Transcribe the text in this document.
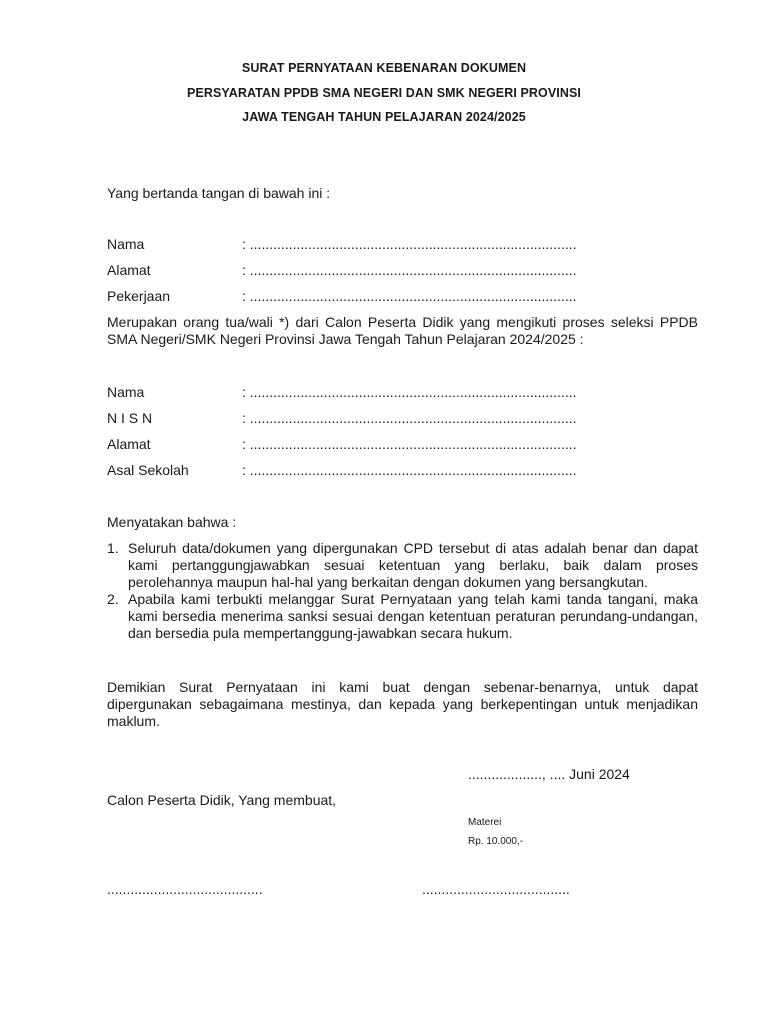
SURAT PERNYATAAN KEBENARAN DOKUMEN
PERSYARATAN PPDB SMA NEGERI DAN SMK NEGERI PROVINSI
JAWA TENGAH TAHUN PELAJARAN 2024/2025
Yang bertanda tangan di bawah ini :
Nama	: ....................................................................................
Alamat	: ....................................................................................
Pekerjaan	: ....................................................................................
Merupakan orang tua/wali *) dari Calon Peserta Didik yang mengikuti proses seleksi PPDB SMA Negeri/SMK Negeri Provinsi Jawa Tengah Tahun Pelajaran 2024/2025 :
Nama	: ....................................................................................
N I S N	: ....................................................................................
Alamat	: ....................................................................................
Asal Sekolah	: ....................................................................................
Menyatakan bahwa :
1. Seluruh data/dokumen yang dipergunakan CPD tersebut di atas adalah benar dan dapat kami pertanggungjawabkan sesuai ketentuan yang berlaku, baik dalam proses perolehannya maupun hal-hal yang berkaitan dengan dokumen yang bersangkutan.
2. Apabila kami terbukti melanggar Surat Pernyataan yang telah kami tanda tangani, maka kami bersedia menerima sanksi sesuai dengan ketentuan peraturan perundang-undangan, dan bersedia pula mempertanggung-jawabkan secara hukum.
Demikian Surat Pernyataan ini kami buat dengan sebenar-benarnya, untuk dapat dipergunakan sebagaimana mestinya, dan kepada yang berkepentingan untuk menjadikan maklum.
..................., .... Juni 2024
Calon Peserta Didik, Yang membuat,
Materei
Rp. 10.000,-
........................................	......................................
